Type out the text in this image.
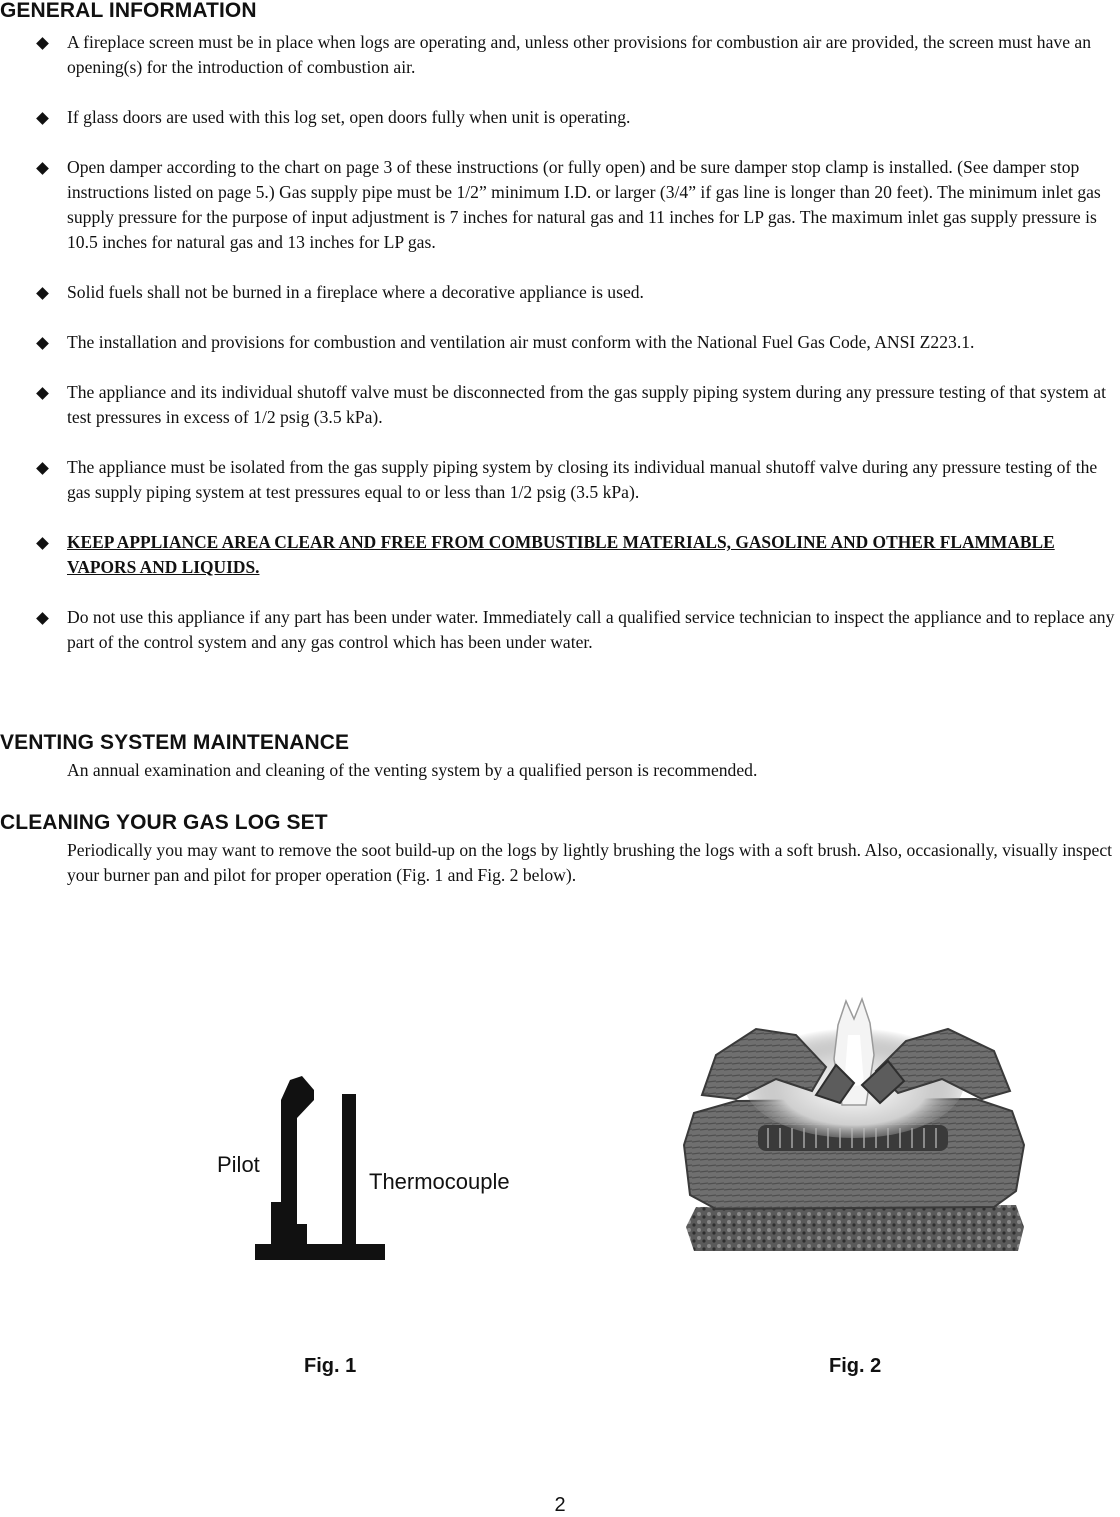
GENERAL INFORMATION
A fireplace screen must be in place when logs are operating and, unless other provisions for combustion air are provided, the screen must have an opening(s) for the introduction of combustion air.
If glass doors are used with this log set, open doors fully when unit is operating.
Open damper according to the chart on page 3 of these instructions (or fully open) and be sure damper stop clamp is installed. (See damper stop instructions listed on page 5.) Gas supply pipe must be 1/2” minimum I.D. or larger (3/4” if gas line is longer than 20 feet). The minimum inlet gas supply pressure for the purpose of input adjustment is 7 inches for natural gas and 11 inches for LP gas. The maximum inlet gas supply pressure is 10.5 inches for natural gas and 13 inches for LP gas.
Solid fuels shall not be burned in a fireplace where a decorative appliance is used.
The installation and provisions for combustion and ventilation air must conform with the National Fuel Gas Code, ANSI Z223.1.
The appliance and its individual shutoff valve must be disconnected from the gas supply piping system during any pressure testing of that system at test pressures in excess of 1/2 psig (3.5 kPa).
The appliance must be isolated from the gas supply piping system by closing its individual manual shutoff valve during any pressure testing of the gas supply piping system at test pressures equal to or less than 1/2 psig (3.5 kPa).
KEEP APPLIANCE AREA CLEAR AND FREE FROM COMBUSTIBLE MATERIALS, GASOLINE AND OTHER FLAMMABLE VAPORS AND LIQUIDS.
Do not use this appliance if any part has been under water. Immediately call a qualified service technician to inspect the appliance and to replace any part of the control system and any gas control which has been under water.
VENTING SYSTEM MAINTENANCE

An annual examination and cleaning of the venting system by a qualified person is recommended.

CLEANING YOUR GAS LOG SET

Periodically you may want to remove the soot build-up on the logs by lightly brushing the logs with a soft brush. Also, occasionally, visually inspect your burner pan and pilot for proper operation (Fig. 1 and Fig. 2 below).

Pilot
Thermocouple
Fig. 1	Fig. 2
2
